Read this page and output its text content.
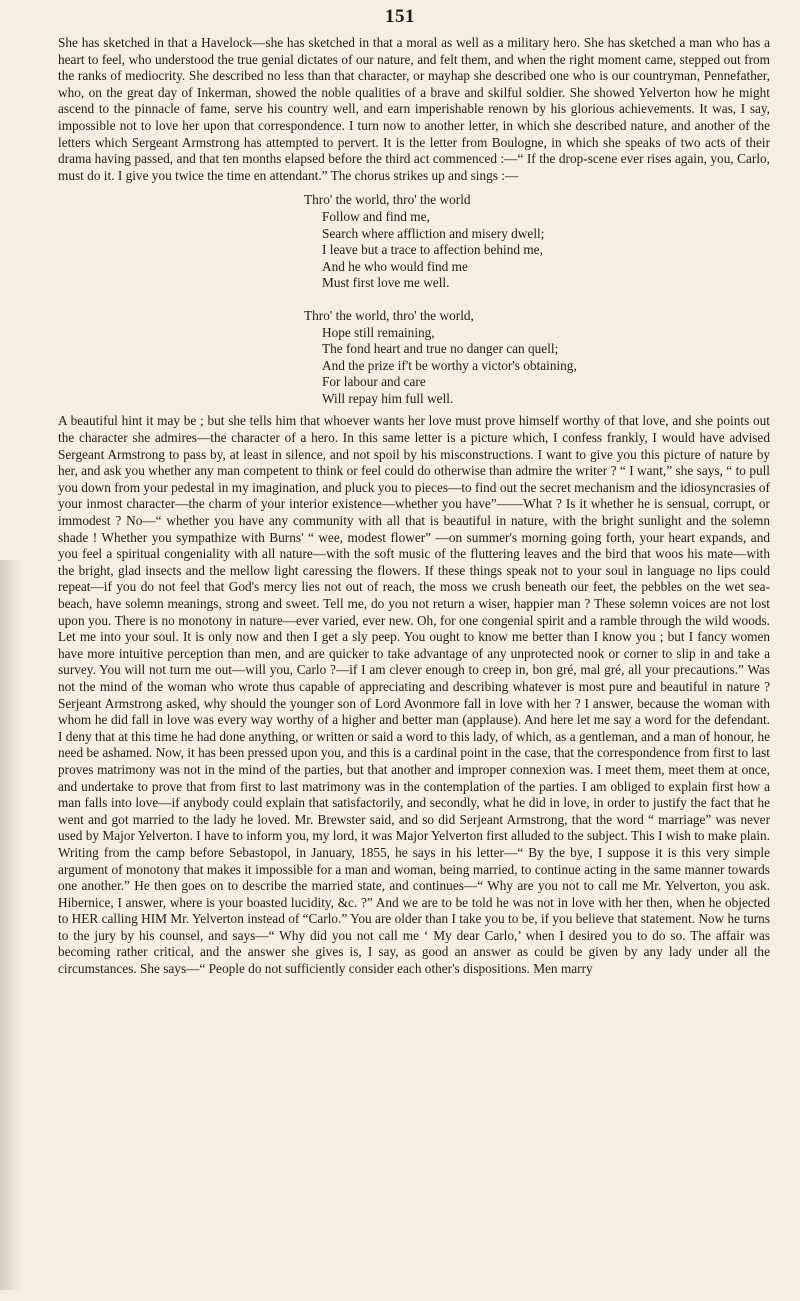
151

She has sketched in that a Havelock—she has sketched in that a moral as well as a military hero. She has sketched a man who has a heart to feel, who understood the true genial dictates of our nature, and felt them, and when the right moment came, stepped out from the ranks of mediocrity. She described no less than that character, or mayhap she described one who is our countryman, Pennefather, who, on the great day of Inkerman, showed the noble qualities of a brave and skilful soldier. She showed Yelverton how he might ascend to the pinnacle of fame, serve his country well, and earn imperishable renown by his glorious achievements. It was, I say, impossible not to love her upon that correspondence. I turn now to another letter, in which she described nature, and another of the letters which Sergeant Armstrong has attempted to pervert. It is the letter from Boulogne, in which she speaks of two acts of their drama having passed, and that ten months elapsed before the third act commenced :—“ If the drop-scene ever rises again, you, Carlo, must do it. I give you twice the time en attendant.” The chorus strikes up and sings :—

Thro' the world, thro' the world
Follow and find me,
Search where affliction and misery dwell;
I leave but a trace to affection behind me,
And he who would find me
Must first love me well.
Thro' the world, thro' the world,
Hope still remaining,
The fond heart and true no danger can quell;
And the prize if't be worthy a victor's obtaining,
For labour and care
Will repay him full well.

A beautiful hint it may be ; but she tells him that whoever wants her love must prove himself worthy of that love, and she points out the character she admires—the character of a hero. In this same letter is a picture which, I confess frankly, I would have advised Sergeant Armstrong to pass by, at least in silence, and not spoil by his misconstructions. I want to give you this picture of nature by her, and ask you whether any man competent to think or feel could do otherwise than admire the writer ? “ I want,” she says, “ to pull you down from your pedestal in my imagination, and pluck you to pieces—to find out the secret mechanism and the idiosyncrasies of your inmost character—the charm of your interior existence—whether you have”——What ? Is it whether he is sensual, corrupt, or immodest ? No—“ whether you have any community with all that is beautiful in nature, with the bright sunlight and the solemn shade ! Whether you sympathize with Burns' “ wee, modest flower” —on summer's morning going forth, your heart expands, and you feel a spiritual congeniality with all nature—with the soft music of the fluttering leaves and the bird that woos his mate—with the bright, glad insects and the mellow light caressing the flowers. If these things speak not to your soul in language no lips could repeat—if you do not feel that God's mercy lies not out of reach, the moss we crush beneath our feet, the pebbles on the wet sea-beach, have solemn meanings, strong and sweet. Tell me, do you not return a wiser, happier man ? These solemn voices are not lost upon you. There is no monotony in nature—ever varied, ever new. Oh, for one congenial spirit and a ramble through the wild woods. Let me into your soul. It is only now and then I get a sly peep. You ought to know me better than I know you ; but I fancy women have more intuitive perception than men, and are quicker to take advantage of any unprotected nook or corner to slip in and take a survey. You will not turn me out—will you, Carlo ?—if I am clever enough to creep in, bon gré, mal gré, all your precautions.” Was not the mind of the woman who wrote thus capable of appreciating and describing whatever is most pure and beautiful in nature ? Serjeant Armstrong asked, why should the younger son of Lord Avonmore fall in love with her ? I answer, because the woman with whom he did fall in love was every way worthy of a higher and better man (applause). And here let me say a word for the defendant. I deny that at this time he had done anything, or written or said a word to this lady, of which, as a gentleman, and a man of honour, he need be ashamed. Now, it has been pressed upon you, and this is a cardinal point in the case, that the correspondence from first to last proves matrimony was not in the mind of the parties, but that another and improper connexion was. I meet them, meet them at once, and undertake to prove that from first to last matrimony was in the contemplation of the parties. I am obliged to explain first how a man falls into love—if anybody could explain that satisfactorily, and secondly, what he did in love, in order to justify the fact that he went and got married to the lady he loved. Mr. Brewster said, and so did Serjeant Armstrong, that the word “ marriage” was never used by Major Yelverton. I have to inform you, my lord, it was Major Yelverton first alluded to the subject. This I wish to make plain. Writing from the camp before Sebastopol, in January, 1855, he says in his letter—“ By the bye, I suppose it is this very simple argument of monotony that makes it impossible for a man and woman, being married, to continue acting in the same manner towards one another.” He then goes on to describe the married state, and continues—“ Why are you not to call me Mr. Yelverton, you ask. Hibernice, I answer, where is your boasted lucidity, &c. ?” And we are to be told he was not in love with her then, when he objected to HER calling HIM Mr. Yelverton instead of “Carlo.” You are older than I take you to be, if you believe that statement. Now he turns to the jury by his counsel, and says—“ Why did you not call me ‘ My dear Carlo,’ when I desired you to do so. The affair was becoming rather critical, and the answer she gives is, I say, as good an answer as could be given by any lady under all the circumstances. She says—“ People do not sufficiently consider each other's dispositions. Men marry
